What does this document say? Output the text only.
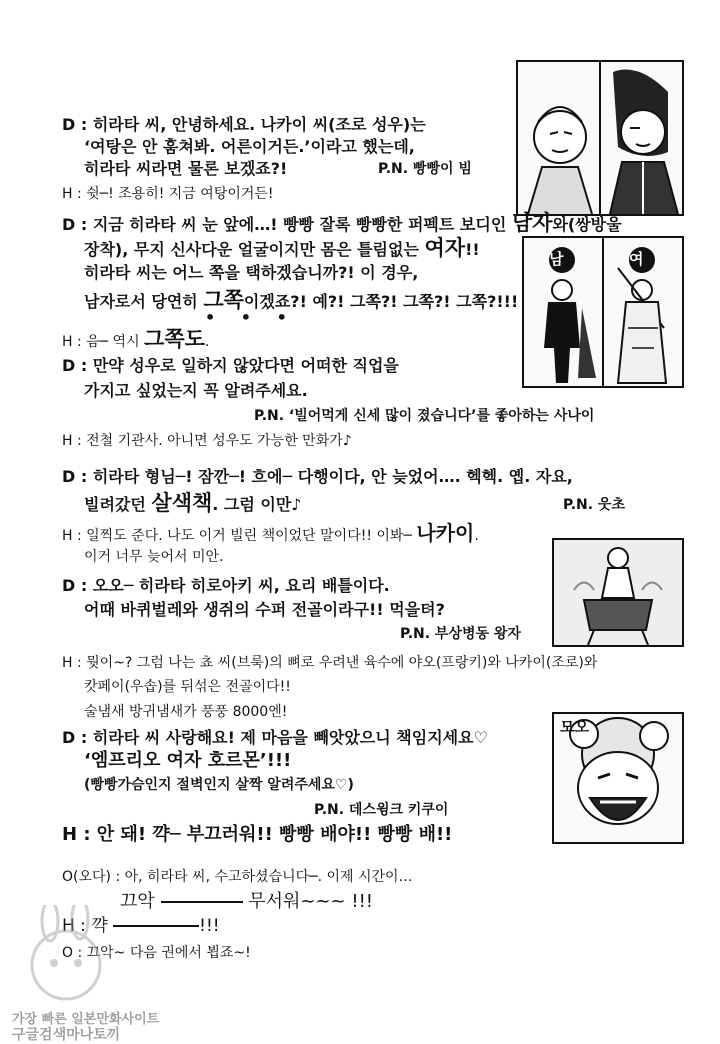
D : 히라타 씨, 안녕하세요. 나카이 씨(조로 성우)는
‘여탕은 안 훔쳐봐. 어른이거든.’이라고 했는데,
히라타 씨라면 물론 보겠죠?!	P.N. 빵빵이 빔
H : 쉿─! 조용히! 지금 여탕이거든!
D : 지금 히라타 씨 눈 앞에…! 빵빵 잘록 빵빵한 퍼펙트 보디인 남자와(쌍방울
장착), 무지 신사다운 얼굴이지만 몸은 틀림없는 여자!!
히라타 씨는 어느 쪽을 택하겠습니까?! 이 경우,
남자로서 당연히 그쪽이겠죠?! 예?! 그쪽?! 그쪽?! 그쪽?!!!
• • •
H : 음─ 역시 그쪽도.
남	여
D : 만약 성우로 일하지 않았다면 어떠한 직업을
가지고 싶었는지 꼭 알려주세요.
P.N. ‘빌어먹게 신세 많이 졌습니다’를 좋아하는 사나이
H : 전철 기관사. 아니면 성우도 가능한 만화가♪
D : 히라타 형님─! 잠깐─! 흐에─ 다행이다, 안 늦었어…. 헥헥. 옙. 자요,
빌려갔던 살색책. 그럼 이만♪	P.N. 웃초
H : 일찍도 준다. 나도 이거 빌린 책이었단 말이다!! 이봐─ 나카이.
이거 너무 늦어서 미안.
D : 오오─ 히라타 히로아키 씨, 요리 배틀이다.
어때 바퀴벌레와 생쥐의 수퍼 전골이라구!! 먹을텨?
P.N. 부상병동 왕자
H : 뭣이~? 그럼 나는 쵸 씨(브룩)의 뼈로 우려낸 육수에 야오(프랑키)와 나카이(조로)와
캇페이(우솝)를 뒤섞은 전골이다!!
술냄새 방귀냄새가 풍풍 8000엔!
모오
D : 히라타 씨 사랑해요! 제 마음을 빼앗았으니 책임지세요♡
‘엠프리오 여자 호르몬’!!!
(빵빵가슴인지 절벽인지 살짝 알려주세요♡)
P.N. 데스윙크 키쿠이
H : 안 돼! 꺅─ 부끄러워!! 빵빵 배야!! 빵빵 배!!
O(오다) : 아, 히라타 씨, 수고하셨습니다─. 이제 시간이…
끄악	무서워~~~ !!!
H : 꺅	!!!
O : 끄악~ 다음 권에서 뵙죠~!
가장 빠른 일본만화사이트
구글검색마나토끼
